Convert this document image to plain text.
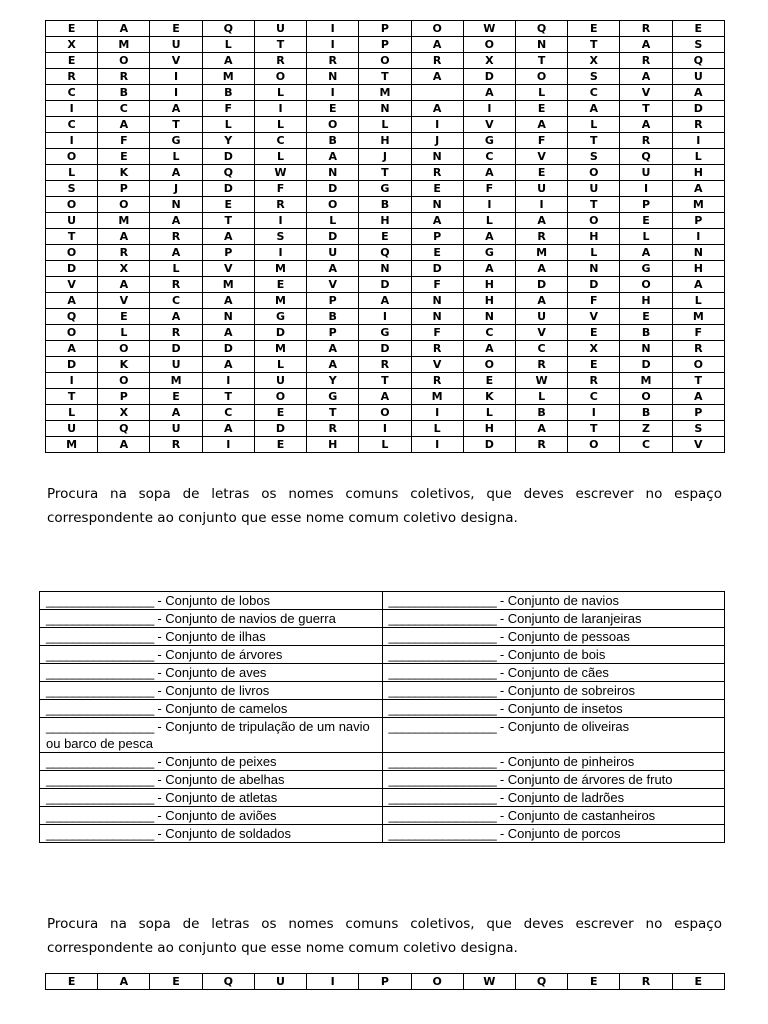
E	A	E	Q	U	I	P	O	W	Q	E	R	E
X	M	U	L	T	I	P	A	O	N	T	A	S
E	O	V	A	R	R	O	R	X	T	X	R	Q
R	R	I	M	O	N	T	A	D	O	S	A	U
C	B	I	B	L	I	M		A	L	C	V	A
I	C	A	F	I	E	N	A	I	E	A	T	D
C	A	T	L	L	O	L	I	V	A	L	A	R
I	F	G	Y	C	B	H	J	G	F	T	R	I
O	E	L	D	L	A	J	N	C	V	S	Q	L
L	K	A	Q	W	N	T	R	A	E	O	U	H
S	P	J	D	F	D	G	E	F	U	U	I	A
O	O	N	E	R	O	B	N	I	I	T	P	M
U	M	A	T	I	L	H	A	L	A	O	E	P
T	A	R	A	S	D	E	P	A	R	H	L	I
O	R	A	P	I	U	Q	E	G	M	L	A	N
D	X	L	V	M	A	N	D	A	A	N	G	H
V	A	R	M	E	V	D	F	H	D	D	O	A
A	V	C	A	M	P	A	N	H	A	F	H	L
Q	E	A	N	G	B	I	N	N	U	V	E	M
O	L	R	A	D	P	G	F	C	V	E	B	F
A	O	D	D	M	A	D	R	A	C	X	N	R
D	K	U	A	L	A	R	V	O	R	E	D	O
I	O	M	I	U	Y	T	R	E	W	R	M	T
T	P	E	T	O	G	A	M	K	L	C	O	A
L	X	A	C	E	T	O	I	L	B	I	B	P
U	Q	U	A	D	R	I	L	H	A	T	Z	S
M	A	R	I	E	H	L	I	D	R	O	C	V
Procura na sopa de letras os nomes comuns coletivos, que deves escrever no espaço correspondente ao conjunto que esse nome comum coletivo designa.
________________ - Conjunto de lobos	________________ - Conjunto de navios
________________ - Conjunto de navios de guerra	________________ - Conjunto de laranjeiras
________________ - Conjunto de ilhas	________________ - Conjunto de pessoas
________________ - Conjunto de árvores	________________ - Conjunto de bois
________________ - Conjunto de aves	________________ - Conjunto de cães
________________ - Conjunto de livros	________________ - Conjunto de sobreiros
________________ - Conjunto de camelos	________________ - Conjunto de insetos
________________ - Conjunto de tripulação de um navio ou barco de pesca	________________ - Conjunto de oliveiras
________________ - Conjunto de peixes	________________ - Conjunto de pinheiros
________________ - Conjunto de abelhas	________________ - Conjunto de árvores de fruto
________________ - Conjunto de atletas	________________ - Conjunto de ladrões
________________ - Conjunto de aviões	________________ - Conjunto de castanheiros
________________ - Conjunto de soldados	________________ - Conjunto de porcos
Procura na sopa de letras os nomes comuns coletivos, que deves escrever no espaço correspondente ao conjunto que esse nome comum coletivo designa.
E	A	E	Q	U	I	P	O	W	Q	E	R	E
